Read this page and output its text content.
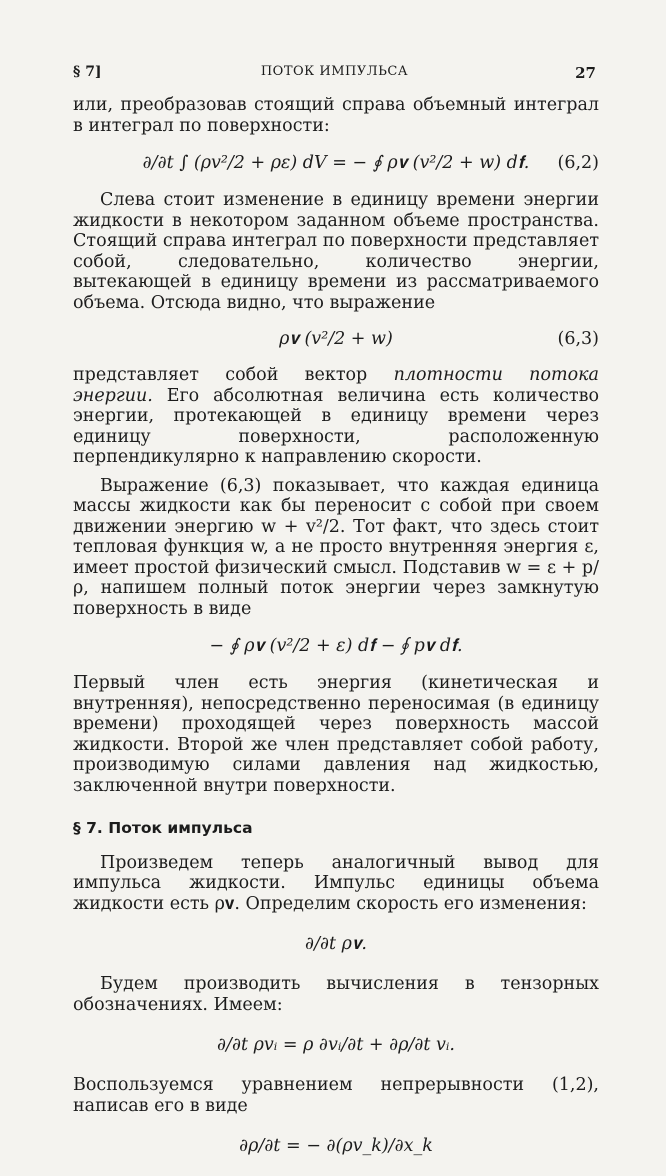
§ 7]	ПОТОК ИМПУЛЬСА	27

или, преобразовав стоящий справа объемный интеграл в интеграл по поверхности:

∂/∂t ∫ (ρv²/2 + ρε) dV = − ∮ ρ𝐯 (v²/2 + w) d𝐟. (6,2)

Слева стоит изменение в единицу времени энергии жидкости в некотором заданном объеме пространства. Стоящий справа интеграл по поверхности представляет собой, следовательно, количество энергии, вытекающей в единицу времени из рассматриваемого объема. Отсюда видно, что выражение

ρ𝐯 (v²/2 + w)	(6,3)

представляет собой вектор плотности потока энергии. Его абсолютная величина есть количество энергии, протекающей в единицу времени через единицу поверхности, расположенную перпендикулярно к направлению скорости.

Выражение (6,3) показывает, что каждая единица массы жидкости как бы переносит с собой при своем движении энергию w + v²/2. Тот факт, что здесь стоит тепловая функция w, а не просто внутренняя энергия ε, имеет простой физический смысл. Подставив w = ε + p/ρ, напишем полный поток энергии через замкнутую поверхность в виде

− ∮ ρ𝐯 (v²/2 + ε) d𝐟 − ∮ p𝐯 d𝐟.

Первый член есть энергия (кинетическая и внутренняя), непосредственно переносимая (в единицу времени) проходящей через поверхность массой жидкости. Второй же член представляет собой работу, производимую силами давления над жидкостью, заключенной внутри поверхности.

§ 7. Поток импульса

Произведем теперь аналогичный вывод для импульса жидкости. Импульс единицы объема жидкости есть ρ𝐯. Определим скорость его изменения:

∂/∂t ρ𝐯.

Будем производить вычисления в тензорных обозначениях. Имеем:

∂/∂t ρvᵢ = ρ ∂vᵢ/∂t + ∂ρ/∂t vᵢ.

Воспользуемся уравнением непрерывности (1,2), написав его в виде

∂ρ/∂t = − ∂(ρv_k)/∂x_k
